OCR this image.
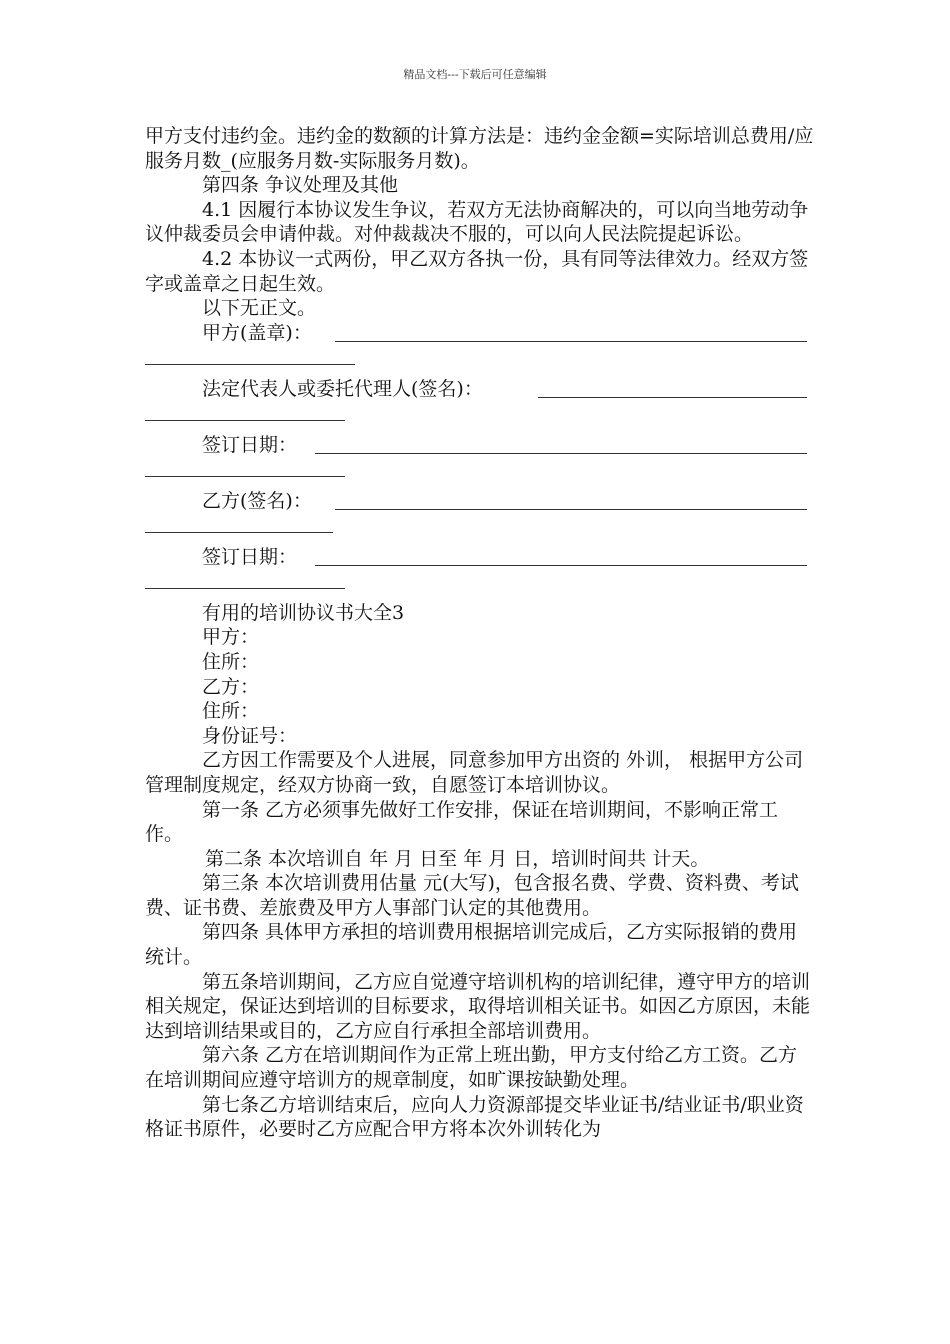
精品文档---下载后可任意编辑

甲方支付违约金。违约金的数额的计算方法是：违约金金额=实际培训总费用/应服务月数_(应服务月数-实际服务月数)。

第四条 争议处理及其他

4.1 因履行本协议发生争议，若双方无法协商解决的，可以向当地劳动争议仲裁委员会申请仲裁。对仲裁裁决不服的，可以向人民法院提起诉讼。

4.2 本协议一式两份，甲乙双方各执一份，具有同等法律效力。经双方签字或盖章之日起生效。

以下无正文。

甲方(盖章)：
法定代表人或委托代理人(签名)：
签订日期：
乙方(签名)：
签订日期：

有用的培训协议书大全3

甲方：

住所：

乙方：

住所：

身份证号：

乙方因工作需要及个人进展，同意参加甲方出资的 外训， 根据甲方公司管理制度规定，经双方协商一致，自愿签订本培训协议。

第一条 乙方必须事先做好工作安排，保证在培训期间，不影响正常工作。

第二条 本次培训自 年 月 日至 年 月 日，培训时间共 计天。

第三条 本次培训费用估量 元(大写)，包含报名费、学费、资料费、考试费、证书费、差旅费及甲方人事部门认定的其他费用。

第四条 具体甲方承担的培训费用根据培训完成后，乙方实际报销的费用统计。

第五条培训期间，乙方应自觉遵守培训机构的培训纪律，遵守甲方的培训相关规定，保证达到培训的目标要求，取得培训相关证书。如因乙方原因，未能达到培训结果或目的，乙方应自行承担全部培训费用。

第六条 乙方在培训期间作为正常上班出勤，甲方支付给乙方工资。乙方在培训期间应遵守培训方的规章制度，如旷课按缺勤处理。

第七条乙方培训结束后，应向人力资源部提交毕业证书/结业证书/职业资格证书原件，必要时乙方应配合甲方将本次外训转化为
